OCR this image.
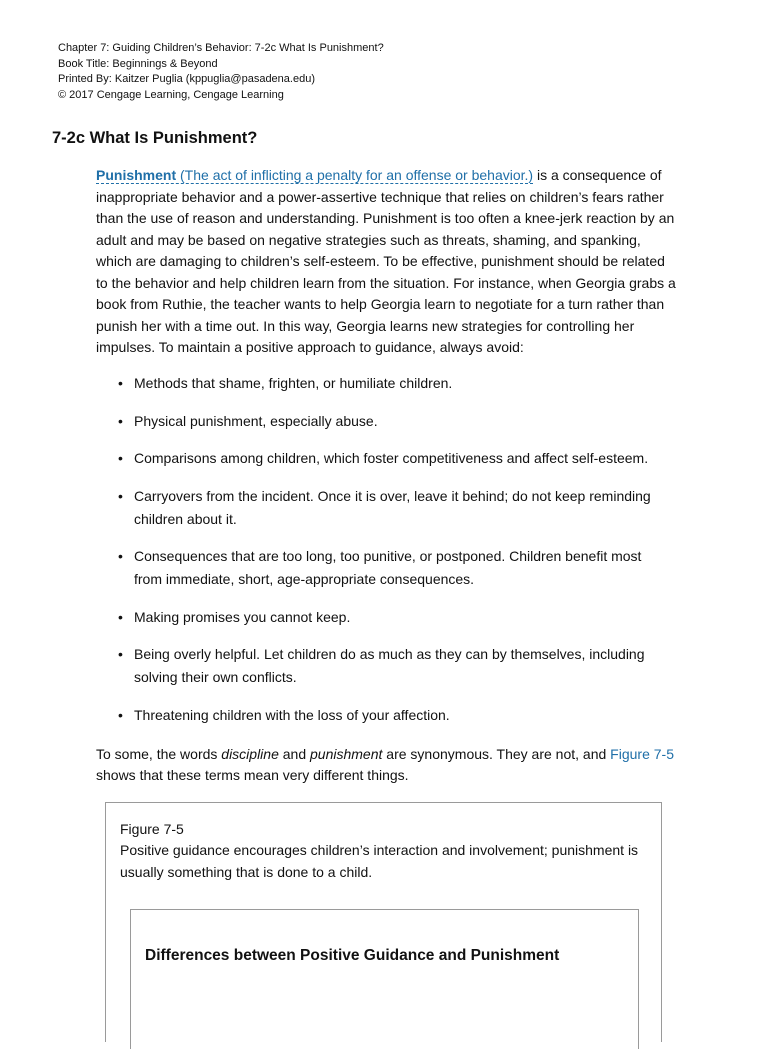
Chapter 7: Guiding Children’s Behavior: 7-2c What Is Punishment?
Book Title: Beginnings & Beyond
Printed By: Kaitzer Puglia (kppuglia@pasadena.edu)
© 2017 Cengage Learning, Cengage Learning
7-2c What Is Punishment?

Punishment (The act of inflicting a penalty for an offense or behavior.) is a consequence of inappropriate behavior and a power-assertive technique that relies on children’s fears rather than the use of reason and understanding. Punishment is too often a knee-jerk reaction by an adult and may be based on negative strategies such as threats, shaming, and spanking, which are damaging to children’s self-esteem. To be effective, punishment should be related to the behavior and help children learn from the situation. For instance, when Georgia grabs a book from Ruthie, the teacher wants to help Georgia learn to negotiate for a turn rather than punish her with a time out. In this way, Georgia learns new strategies for controlling her impulses. To maintain a positive approach to guidance, always avoid:

• Methods that shame, frighten, or humiliate children.
• Physical punishment, especially abuse.
• Comparisons among children, which foster competitiveness and affect self-esteem.
• Carryovers from the incident. Once it is over, leave it behind; do not keep reminding children about it.
• Consequences that are too long, too punitive, or postponed. Children benefit most from immediate, short, age-appropriate consequences.
• Making promises you cannot keep.
• Being overly helpful. Let children do as much as they can by themselves, including solving their own conflicts.
• Threatening children with the loss of your affection.

To some, the words discipline and punishment are synonymous. They are not, and Figure 7-5 shows that these terms mean very different things.

Figure 7-5
Positive guidance encourages children’s interaction and involvement; punishment is usually something that is done to a child.
Differences between Positive Guidance and Punishment
